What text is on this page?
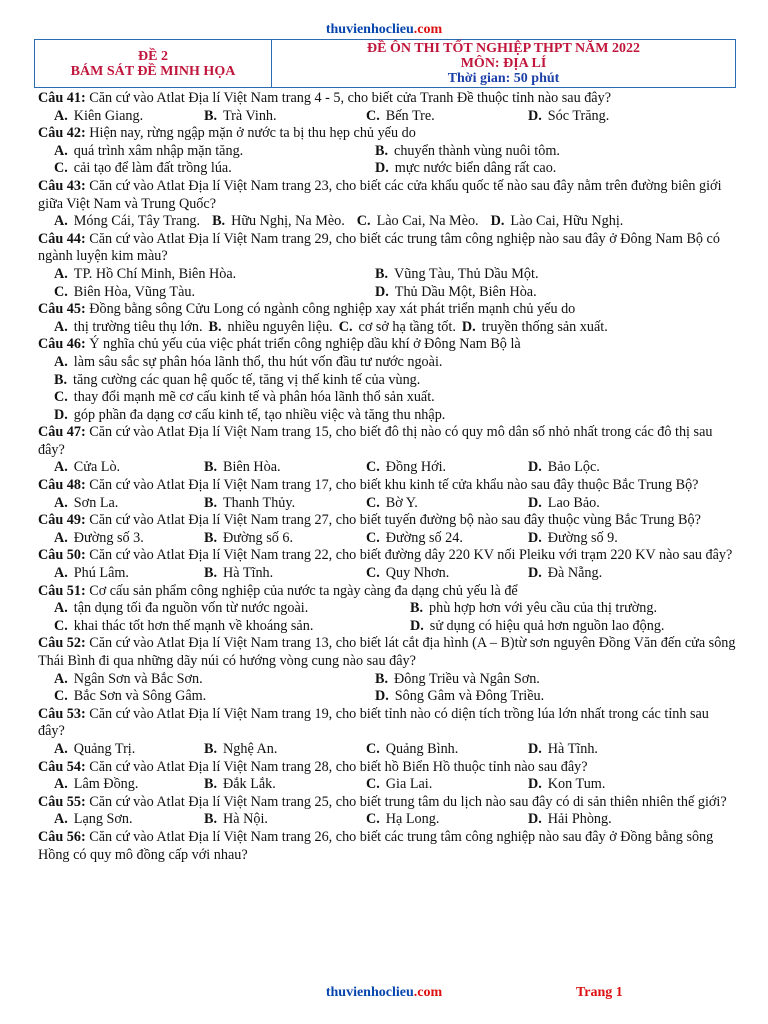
thuvienhoclieu.com
ĐỀ 2
BÁM SÁT ĐỀ MINH HỌA
ĐỀ ÔN THI TỐT NGHIỆP THPT NĂM 2022
MÔN: ĐỊA LÍ
Thời gian: 50 phút

Câu 41: Căn cứ vào Atlat Địa lí Việt Nam trang 4 - 5, cho biết cửa Tranh Đề thuộc tỉnh nào sau đây?

A. Kiên Giang.	B. Trà Vinh.	C. Bến Tre.	D. Sóc Trăng.

Câu 42: Hiện nay, rừng ngập mặn ở nước ta bị thu hẹp chủ yếu do

A. quá trình xâm nhập mặn tăng.	B. chuyển thành vùng nuôi tôm.
C. cải tạo để làm đất trồng lúa.	D. mực nước biển dâng rất cao.

Câu 43: Căn cứ vào Atlat Địa lí Việt Nam trang 23, cho biết các cửa khẩu quốc tế nào sau đây nằm trên đường biên giới giữa Việt Nam và Trung Quốc?

A. Móng Cái, Tây Trang. B. Hữu Nghị, Na Mèo. C. Lào Cai, Na Mèo. D. Lào Cai, Hữu Nghị.

Câu 44: Căn cứ vào Atlat Địa lí Việt Nam trang 29, cho biết các trung tâm công nghiệp nào sau đây ở Đông Nam Bộ có ngành luyện kim màu?

A. TP. Hồ Chí Minh, Biên Hòa.	B. Vũng Tàu, Thủ Dầu Một.
C. Biên Hòa, Vũng Tàu.	D. Thủ Dầu Một, Biên Hòa.

Câu 45: Đồng bằng sông Cửu Long có ngành công nghiệp xay xát phát triển mạnh chủ yếu do

A. thị trường tiêu thụ lớn. B. nhiều nguyên liệu. C. cơ sở hạ tầng tốt. D. truyền thống sản xuất.

Câu 46: Ý nghĩa chủ yếu của việc phát triển công nghiệp dầu khí ở Đông Nam Bộ là

A. làm sâu sắc sự phân hóa lãnh thổ, thu hút vốn đầu tư nước ngoài.
B. tăng cường các quan hệ quốc tế, tăng vị thế kinh tế của vùng.
C. thay đổi mạnh mẽ cơ cấu kinh tế và phân hóa lãnh thổ sản xuất.
D. góp phần đa dạng cơ cấu kinh tế, tạo nhiều việc và tăng thu nhập.

Câu 47: Căn cứ vào Atlat Địa lí Việt Nam trang 15, cho biết đô thị nào có quy mô dân số nhỏ nhất trong các đô thị sau đây?

A. Cửa Lò.	B. Biên Hòa.	C. Đồng Hới.	D. Bảo Lộc.

Câu 48: Căn cứ vào Atlat Địa lí Việt Nam trang 17, cho biết khu kinh tế cửa khẩu nào sau đây thuộc Bắc Trung Bộ?

A. Sơn La.	B. Thanh Thủy.	C. Bờ Y.	D. Lao Bảo.

Câu 49: Căn cứ vào Atlat Địa lí Việt Nam trang 27, cho biết tuyến đường bộ nào sau đây thuộc vùng Bắc Trung Bộ?

A. Đường số 3.	B. Đường số 6.	C. Đường số 24.	D. Đường số 9.

Câu 50: Căn cứ vào Atlat Địa lí Việt Nam trang 22, cho biết đường dây 220 KV nối Pleiku với trạm 220 KV nào sau đây?

A. Phú Lâm.	B. Hà Tĩnh.	C. Quy Nhơn.	D. Đà Nẵng.

Câu 51: Cơ cấu sản phẩm công nghiệp của nước ta ngày càng đa dạng chủ yếu là để

A. tận dụng tối đa nguồn vốn từ nước ngoài.	B. phù hợp hơn với yêu cầu của thị trường.
C. khai thác tốt hơn thế mạnh về khoáng sản.	D. sử dụng có hiệu quả hơn nguồn lao động.

Câu 52: Căn cứ vào Atlat Địa lí Việt Nam trang 13, cho biết lát cắt địa hình (A – B)từ sơn nguyên Đồng Văn đến cửa sông Thái Bình đi qua những dãy núi có hướng vòng cung nào sau đây?

A. Ngân Sơn và Bắc Sơn.	B. Đông Triều và Ngân Sơn.
C. Bắc Sơn và Sông Gâm.	D. Sông Gâm và Đông Triều.

Câu 53: Căn cứ vào Atlat Địa lí Việt Nam trang 19, cho biết tỉnh nào có diện tích trồng lúa lớn nhất trong các tỉnh sau đây?

A. Quảng Trị.	B. Nghệ An.	C. Quảng Bình.	D. Hà Tĩnh.

Câu 54: Căn cứ vào Atlat Địa lí Việt Nam trang 28, cho biết hồ Biển Hồ thuộc tỉnh nào sau đây?

A. Lâm Đồng.	B. Đắk Lắk.	C. Gia Lai.	D. Kon Tum.

Câu 55: Căn cứ vào Atlat Địa lí Việt Nam trang 25, cho biết trung tâm du lịch nào sau đây có di sản thiên nhiên thế giới?

A. Lạng Sơn.	B. Hà Nội.	C. Hạ Long.	D. Hải Phòng.

Câu 56: Căn cứ vào Atlat Địa lí Việt Nam trang 26, cho biết các trung tâm công nghiệp nào sau đây ở Đồng bằng sông Hồng có quy mô đồng cấp với nhau?

thuvienhoclieu.com	Trang 1
